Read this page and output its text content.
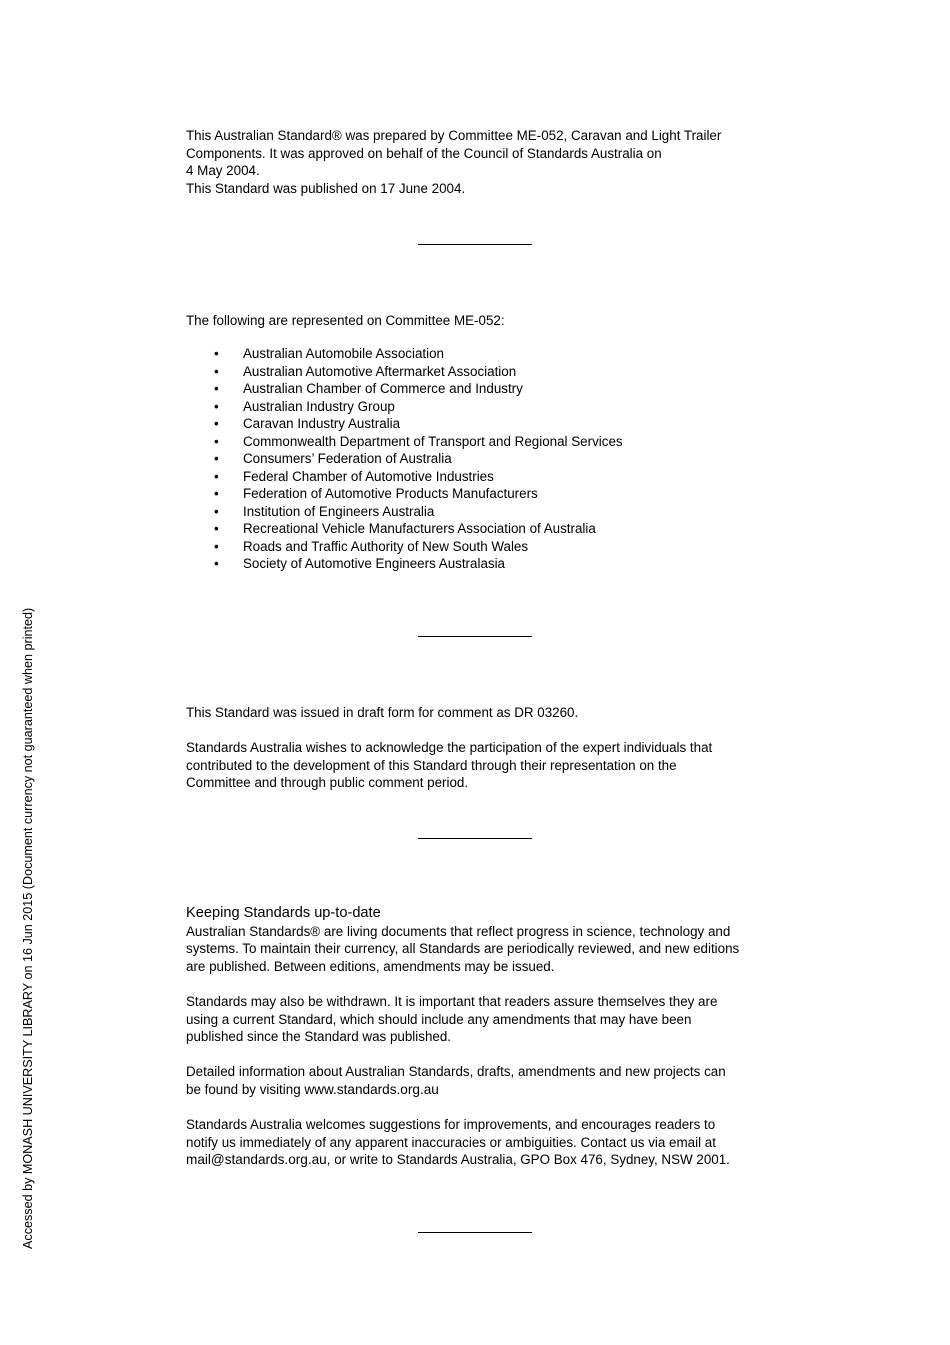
This Australian Standard® was prepared by Committee ME-052, Caravan and Light Trailer

Components. It was approved on behalf of the Council of Standards Australia on

4 May 2004.

This Standard was published on 17 June 2004.

The following are represented on Committee ME-052:

• Australian Automobile Association
• Australian Automotive Aftermarket Association
• Australian Chamber of Commerce and Industry
• Australian Industry Group
• Caravan Industry Australia
• Commonwealth Department of Transport and Regional Services
• Consumers’ Federation of Australia
• Federal Chamber of Automotive Industries
• Federation of Automotive Products Manufacturers
• Institution of Engineers Australia
• Recreational Vehicle Manufacturers Association of Australia
• Roads and Traffic Authority of New South Wales
• Society of Automotive Engineers Australasia

This Standard was issued in draft form for comment as DR 03260.

Standards Australia wishes to acknowledge the participation of the expert individuals that

contributed to the development of this Standard through their representation on the

Committee and through public comment period.

Keeping Standards up-to-date

Australian Standards® are living documents that reflect progress in science, technology and

systems. To maintain their currency, all Standards are periodically reviewed, and new editions

are published. Between editions, amendments may be issued.

Standards may also be withdrawn. It is important that readers assure themselves they are

using a current Standard, which should include any amendments that may have been

published since the Standard was published.

Detailed information about Australian Standards, drafts, amendments and new projects can

be found by visiting www.standards.org.au

Standards Australia welcomes suggestions for improvements, and encourages readers to

notify us immediately of any apparent inaccuracies or ambiguities. Contact us via email at

mail@standards.org.au, or write to Standards Australia, GPO Box 476, Sydney, NSW 2001.

Accessed by MONASH UNIVERSITY LIBRARY on 16 Jun 2015 (Document currency not guaranteed when printed)
